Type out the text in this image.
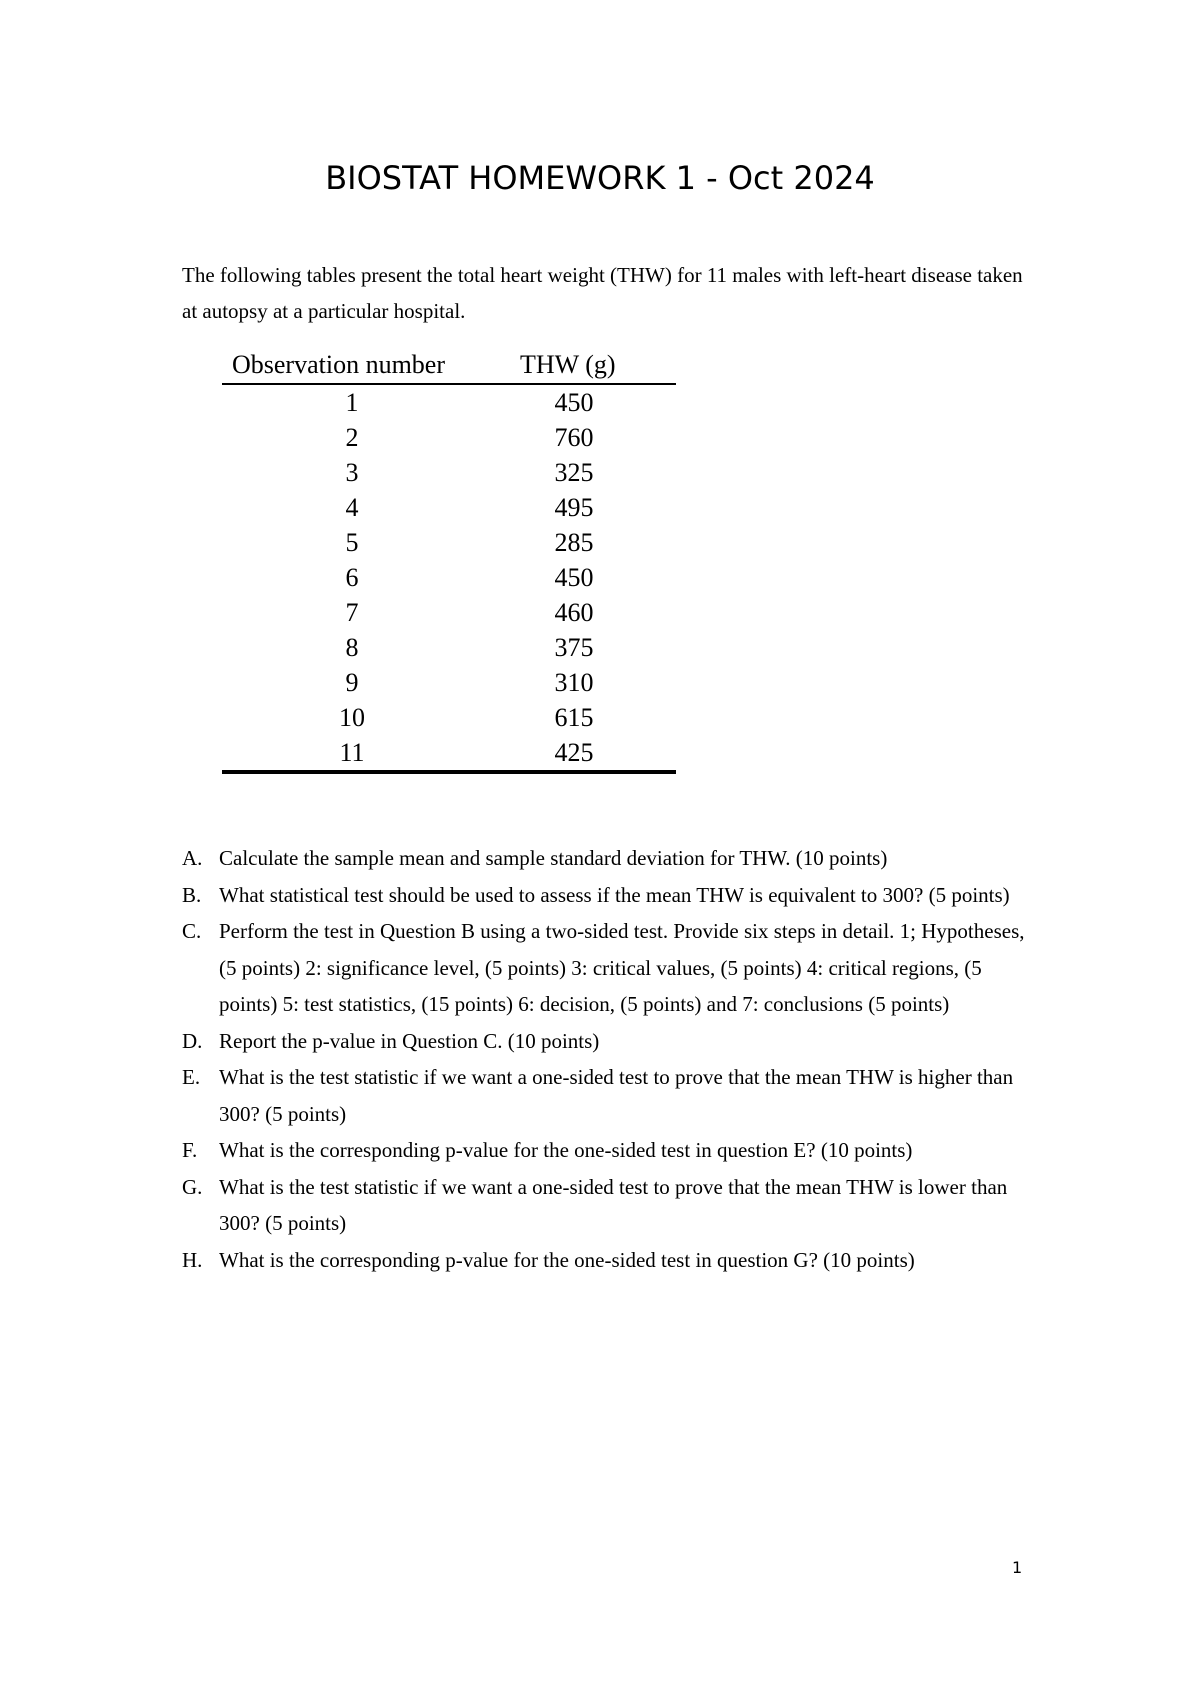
BIOSTAT HOMEWORK 1 - Oct 2024

The following tables present the total heart weight (THW) for 11 males with left-heart disease taken at autopsy at a particular hospital.

Observation number	THW (g)
1	450
2	760
3	325
4	495
5	285
6	450
7	460
8	375
9	310
10	615
11	425
A. Calculate the sample mean and sample standard deviation for THW. (10 points)
B. What statistical test should be used to assess if the mean THW is equivalent to 300? (5 points)
C. Perform the test in Question B using a two-sided test. Provide six steps in detail. 1; Hypotheses, (5 points) 2: significance level, (5 points) 3: critical values, (5 points) 4: critical regions, (5 points) 5: test statistics, (15 points) 6: decision, (5 points) and 7: conclusions (5 points)
D. Report the p-value in Question C. (10 points)
E. What is the test statistic if we want a one-sided test to prove that the mean THW is higher than 300? (5 points)
F. What is the corresponding p-value for the one-sided test in question E? (10 points)
G. What is the test statistic if we want a one-sided test to prove that the mean THW is lower than 300? (5 points)
H. What is the corresponding p-value for the one-sided test in question G? (10 points)
1
